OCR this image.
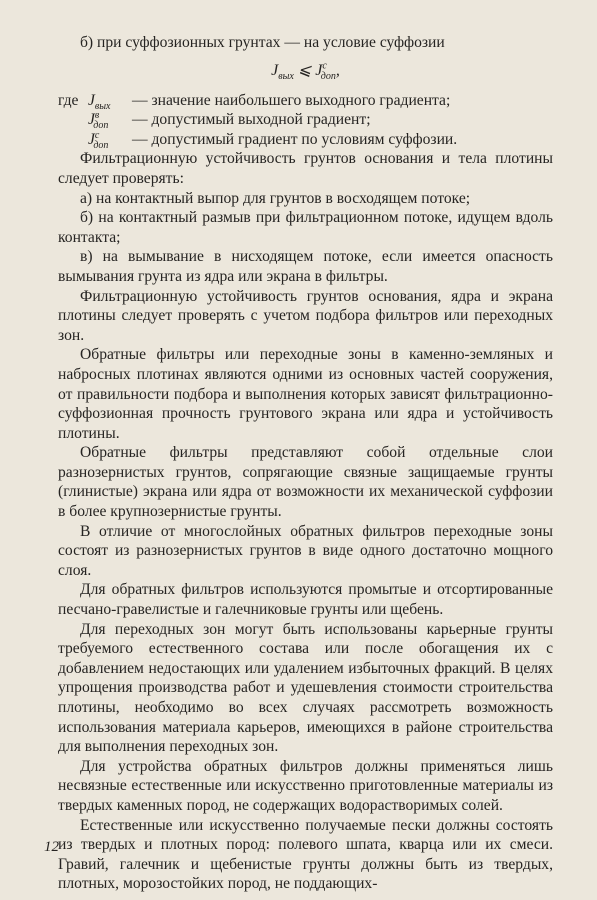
б) при суффозионных грунтах — на условие суффозии

$J_{вых}$ ⩽ $J^с_{доп}$,
где $J_{вых}$	— значение наибольшего выходного градиента;
$J^в_{доп}$	— допустимый выходной градиент;
$J^с_{доп}$	— допустимый градиент по условиям суффозии.

Фильтрационную устойчивость грунтов основания и тела плотины следует проверять:

а) на контактный выпор для грунтов в восходящем потоке;

б) на контактный размыв при фильтрационном потоке, идущем вдоль контакта;

в) на вымывание в нисходящем потоке, если имеется опасность вымывания грунта из ядра или экрана в фильтры.

Фильтрационную устойчивость грунтов основания, ядра и экрана плотины следует проверять с учетом подбора фильтров или переходных зон.

Обратные фильтры или переходные зоны в каменно-земляных и набросных плотинах являются одними из основных частей сооружения, от правильности подбора и выполнения которых зависят фильтрационно-суффозионная прочность грунтового экрана или ядра и устойчивость плотины.

Обратные фильтры представляют собой отдельные слои разнозернистых грунтов, сопрягающие связные защищаемые грунты (глинистые) экрана или ядра от возможности их механической суффозии в более крупнозернистые грунты.

В отличие от многослойных обратных фильтров переходные зоны состоят из разнозернистых грунтов в виде одного достаточно мощного слоя.

Для обратных фильтров используются промытые и отсортированные песчано-гравелистые и галечниковые грунты или щебень.

Для переходных зон могут быть использованы карьерные грунты требуемого естественного состава или после обогащения их с добавлением недостающих или удалением избыточных фракций. В целях упрощения производства работ и удешевления стоимости строительства плотины, необходимо во всех случаях рассмотреть возможность использования материала карьеров, имеющихся в районе строительства для выполнения переходных зон.

Для устройства обратных фильтров должны применяться лишь несвязные естественные или искусственно приготовленные материалы из твердых каменных пород, не содержащих водорастворимых солей.

Естественные или искусственно получаемые пески должны состоять из твердых и плотных пород: полевого шпата, кварца или их смеси. Гравий, галечник и щебенистые грунты должны быть из твердых, плотных, морозостойких пород, не поддающих-

12
